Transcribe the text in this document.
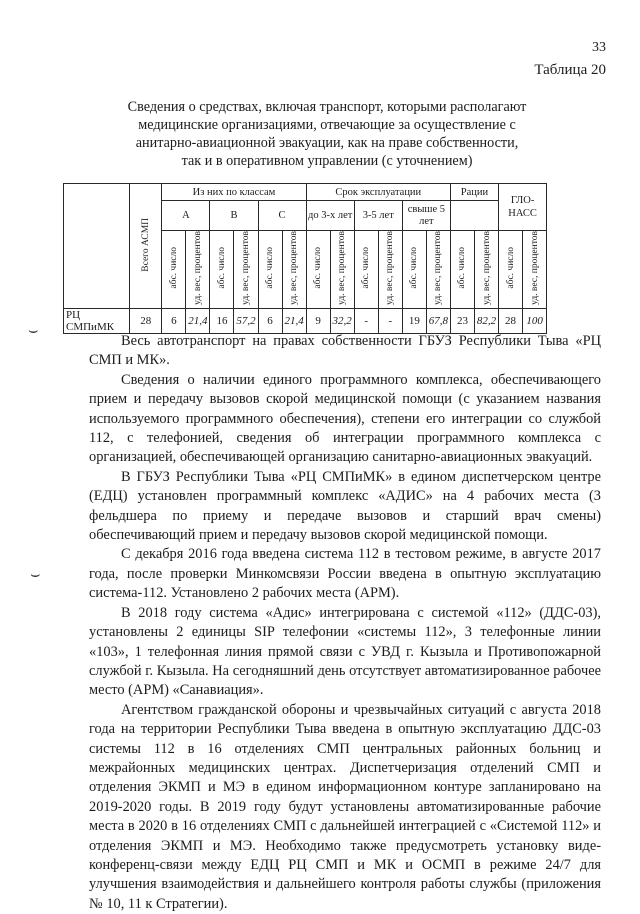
33
Таблица 20
Сведения о средствах, включая транспорт, которыми располагают
медицинские организациями, отвечающие за осуществление с
анитарно-авиационной эвакуации, как на праве собственности,
так и в оперативном управлении (с уточнением)
	Всего АСМП	Из них по классам						Срок эксплуатации						Рации		ГЛО-НАСС	
		А		В		С		до 3-х лет		3-5 лет		свыше 5 лет					
		абс. число	уд. вес, процентов	абс. число	уд. вес, процентов	абс. число	уд. вес, процентов	абс. число	уд. вес, процентов	абс. число	уд. вес, процентов	абс. число	уд. вес, процентов	абс. число	уд. вес, процентов	абс. число	уд. вес, процентов
РЦ СМПиМК	28	6	21,4	16	57,2	6	21,4	9	32,2	-	-	19	67,8	23	82,2	28	100
⌣
⌣

Весь автотранспорт на правах собственности ГБУЗ Республики Тыва «РЦ СМП и МК».

Сведения о наличии единого программного комплекса, обеспечивающего прием и передачу вызовов скорой медицинской помощи (с указанием названия используемого программного обеспечения), степени его интеграции со службой 112, с телефонией, сведения об интеграции программного комплекса с организацией, обеспечивающей организацию санитарно-авиационных эвакуаций.

В ГБУЗ Республики Тыва «РЦ СМПиМК» в едином диспетчерском центре (ЕДЦ) установлен программный комплекс «АДИС» на 4 рабочих места (3 фельдшера по приему и передаче вызовов и старший врач смены) обеспечивающий прием и передачу вызовов скорой медицинской помощи.

С декабря 2016 года введена система 112 в тестовом режиме, в августе 2017 года, после проверки Минкомсвязи России введена в опытную эксплуатацию система-112. Установлено 2 рабочих места (АРМ).

В 2018 году система «Адис» интегрирована с системой «112» (ДДС-03), установлены 2 единицы SIP телефонии «системы 112», 3 телефонные линии «103», 1 телефонная линия прямой связи с УВД г. Кызыла и Противопожарной службой г. Кызыла. На сегодняшний день отсутствует автоматизированное рабочее место (АРМ) «Санавиация».

Агентством гражданской обороны и чрезвычайных ситуаций с августа 2018 года на территории Республики Тыва введена в опытную эксплуатацию ДДС-03 системы 112 в 16 отделениях СМП центральных районных больниц и межрайонных медицинских центрах. Диспетчеризация отделений СМП и отделения ЭКМП и МЭ в едином информационном контуре запланировано на 2019-2020 годы. В 2019 году будут установлены автоматизированные рабочие места в 2020 в 16 отделениях СМП с дальнейшей интеграцией с «Системой 112» и отделения ЭКМП и МЭ. Необходимо также предусмотреть установку виде-конференц-связи между ЕДЦ РЦ СМП и МК и ОСМП в режиме 24/7 для улучшения взаимодействия и дальнейшего контроля работы службы (приложения № 10, 11 к Стратегии).
